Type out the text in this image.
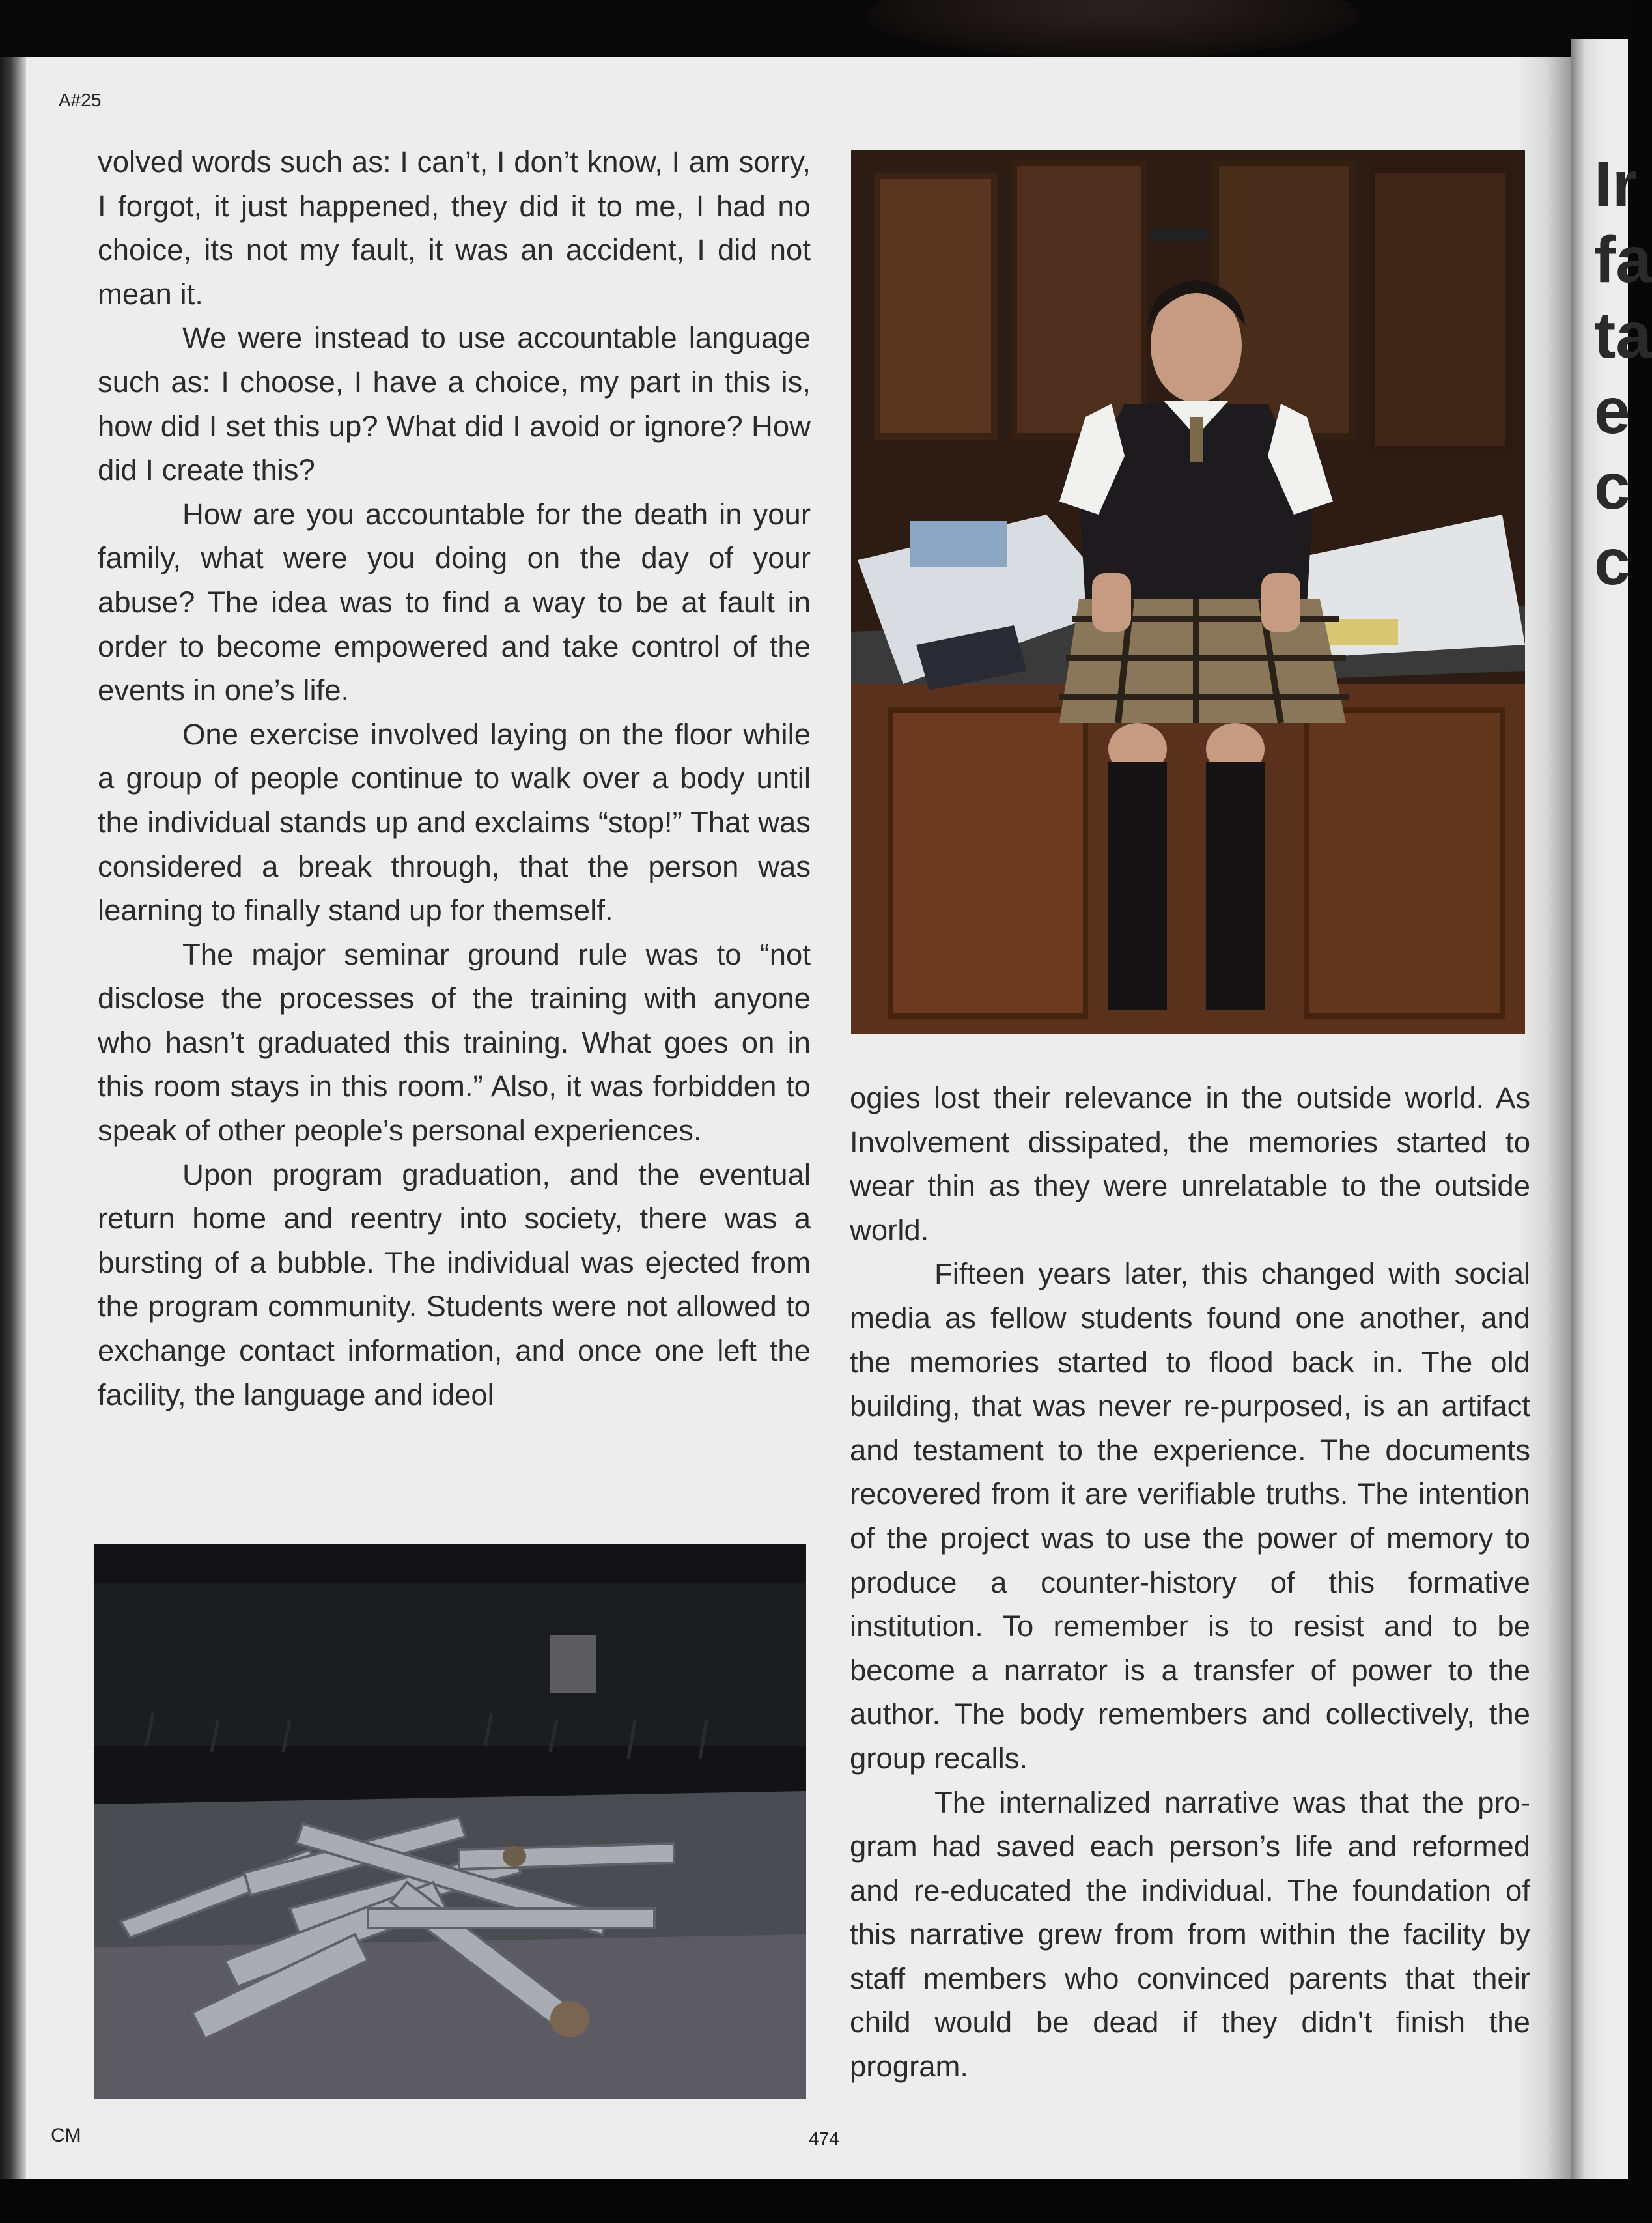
Ir
fa
ta
e
c
c
A#25

volved words such as: I can’t, I don’t know, I am sorry, I forgot, it just happened, they did it to me, I had no choice, its not my fault, it was an accident, I did not mean it.

We were instead to use accountable language such as: I choose, I have a choice, my part in this is, how did I set this up? What did I avoid or ignore? How did I create this?

How are you accountable for the death in your family, what were you doing on the day of your abuse? The idea was to find a way to be at fault in order to become empowered and take control of the events in one’s life.

One exercise involved laying on the floor while a group of people continue to walk over a body until the individual stands up and exclaims “stop!” That was considered a break through, that the person was learning to finally stand up for themself.

The major seminar ground rule was to “not disclose the processes of the training with anyone who hasn’t graduated this training. What goes on in this room stays in this room.” Also, it was forbidden to speak of other people’s personal experiences.

Upon program graduation, and the eventual return home and reentry into society, there was a bursting of a bubble. The individual was ejected from the program community. Students were not allowed to exchange contact information, and once one left the facility, the language and ideol

ogies lost their relevance in the outside world. As Involvement dissipated, the memories started to wear thin as they were unrelatable to the outside world.

Fifteen years later, this changed with social media as fellow students found one another, and the memories started to flood back in. The old building, that was never re-purposed, is an artifact and testament to the experience. The documents recovered from it are verifiable truths. The intention of the project was to use the power of memory to produce a counter-history of this formative institution. To remember is to resist and to be become a narrator is a transfer of power to the author. The body remembers and collectively, the group recalls.

The internalized narrative was that the program had saved each person’s life and reformed and re-educated the individual. The foundation of this narrative grew from from within the facility by staff members who convinced parents that their child would be dead if they didn’t finish the program.

CM	474
